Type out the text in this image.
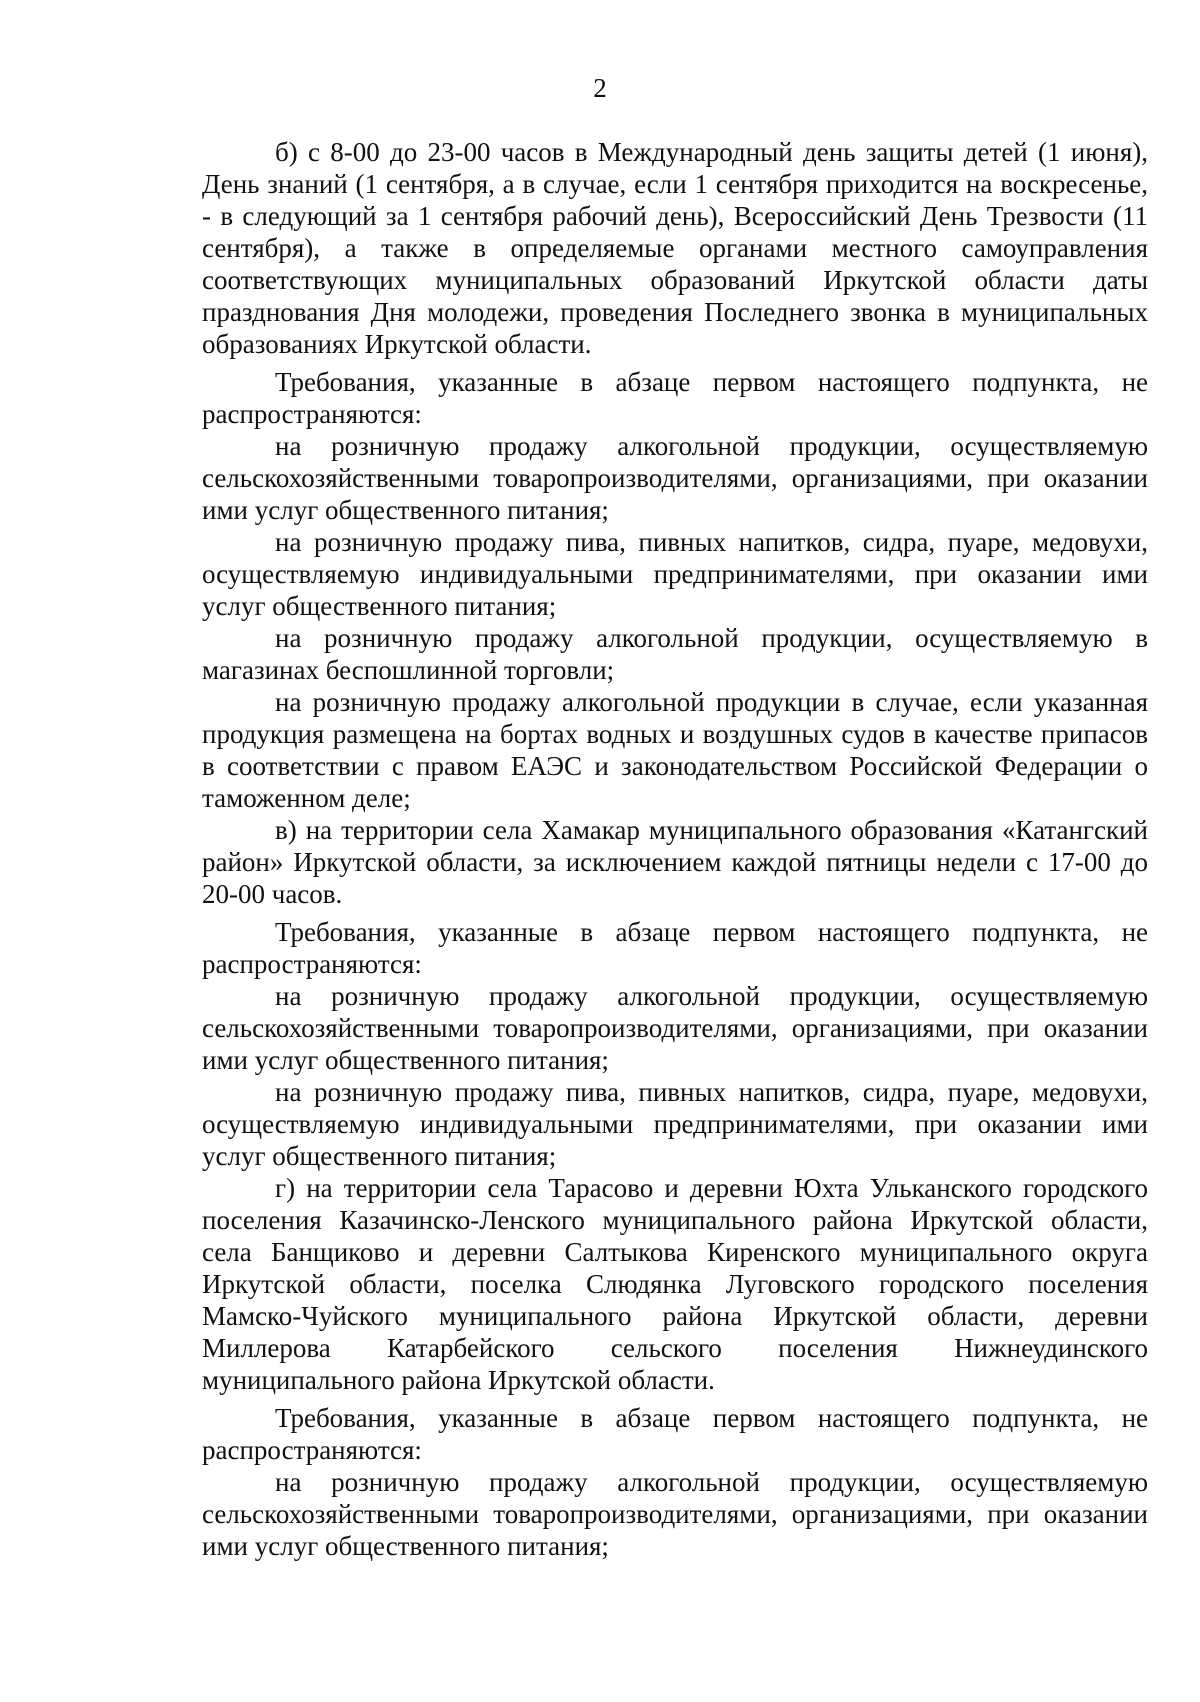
2

б) с 8-00 до 23-00 часов в Международный день защиты детей (1 июня), День знаний (1 сентября, а в случае, если 1 сентября приходится на воскресенье, - в следующий за 1 сентября рабочий день), Всероссийский День Трезвости (11 сентября), а также в определяемые органами местного самоуправления соответствующих муниципальных образований Иркутской области даты празднования Дня молодежи, проведения Последнего звонка в муниципальных образованиях Иркутской области.

Требования, указанные в абзаце первом настоящего подпункта, не распространяются:

на розничную продажу алкогольной продукции, осуществляемую сельскохозяйственными товаропроизводителями, организациями, при оказании ими услуг общественного питания;

на розничную продажу пива, пивных напитков, сидра, пуаре, медовухи, осуществляемую индивидуальными предпринимателями, при оказании ими услуг общественного питания;

на розничную продажу алкогольной продукции, осуществляемую в магазинах беспошлинной торговли;

на розничную продажу алкогольной продукции в случае, если указанная продукция размещена на бортах водных и воздушных судов в качестве припасов в соответствии с правом ЕАЭС и законодательством Российской Федерации о таможенном деле;

в) на территории села Хамакар муниципального образования «Катангский район» Иркутской области, за исключением каждой пятницы недели с 17-00 до 20-00 часов.

Требования, указанные в абзаце первом настоящего подпункта, не распространяются:

на розничную продажу алкогольной продукции, осуществляемую сельскохозяйственными товаропроизводителями, организациями, при оказании ими услуг общественного питания;

на розничную продажу пива, пивных напитков, сидра, пуаре, медовухи, осуществляемую индивидуальными предпринимателями, при оказании ими услуг общественного питания;

г) на территории села Тарасово и деревни Юхта Ульканского городского поселения Казачинско-Ленского муниципального района Иркутской области, села Банщиково и деревни Салтыкова Киренского муниципального округа Иркутской области, поселка Слюдянка Луговского городского поселения Мамско-Чуйского муниципального района Иркутской области, деревни Миллерова Катарбейского сельского поселения Нижнеудинского муниципального района Иркутской области.

Требования, указанные в абзаце первом настоящего подпункта, не распространяются:

на розничную продажу алкогольной продукции, осуществляемую сельскохозяйственными товаропроизводителями, организациями, при оказании ими услуг общественного питания;
